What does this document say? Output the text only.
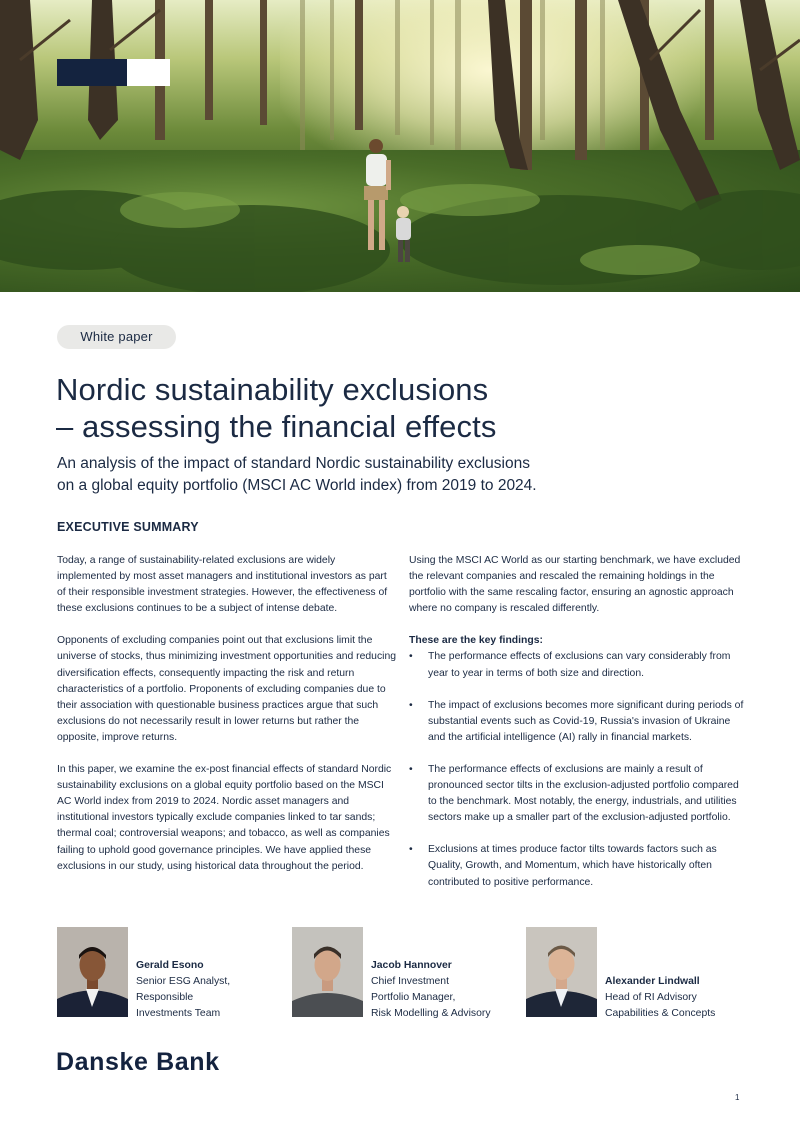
White paper
Nordic sustainability exclusions
– assessing the financial effects
An analysis of the impact of standard Nordic sustainability exclusions
on a global equity portfolio (MSCI AC World index) from 2019 to 2024.
EXECUTIVE SUMMARY

Today, a range of sustainability-related exclusions are widely implemented by most asset managers and institutional investors as part of their responsible investment strategies. However, the effectiveness of these exclusions continues to be a subject of intense debate.

Opponents of excluding companies point out that exclusions limit the universe of stocks, thus minimizing investment opportunities and reducing diversification effects, consequently impacting the risk and return characteristics of a portfolio. Proponents of excluding companies due to their association with questionable business practices argue that such exclusions do not necessarily result in lower returns but rather the opposite, improve returns.

In this paper, we examine the ex-post financial effects of standard Nordic sustainability exclusions on a global equity portfolio based on the MSCI AC World index from 2019 to 2024. Nordic asset managers and institutional investors typically exclude companies linked to tar sands; thermal coal; controversial weapons; and tobacco, as well as companies failing to uphold good governance principles. We have applied these exclusions in our study, using historical data throughout the period.

Using the MSCI AC World as our starting benchmark, we have excluded the relevant companies and rescaled the remaining holdings in the portfolio with the same rescaling factor, ensuring an agnostic approach where no company is rescaled differently.

These are the key findings:
• The performance effects of exclusions can vary considerably from year to year in terms of both size and direction.
• The impact of exclusions becomes more significant during periods of substantial events such as Covid-19, Russia's invasion of Ukraine and the artificial intelligence (AI) rally in financial markets.
• The performance effects of exclusions are mainly a result of pronounced sector tilts in the exclusion-adjusted portfolio compared to the benchmark. Most notably, the energy, industrials, and utilities sectors make up a smaller part of the exclusion-adjusted portfolio.
• Exclusions at times produce factor tilts towards factors such as Quality, Growth, and Momentum, which have historically often contributed to positive performance.
Gerald Esono
Senior ESG Analyst,
Responsible
Investments Team
Jacob Hannover
Chief Investment
Portfolio Manager,
Risk Modelling & Advisory
Alexander Lindwall
Head of RI Advisory
Capabilities & Concepts
Danske Bank
1
